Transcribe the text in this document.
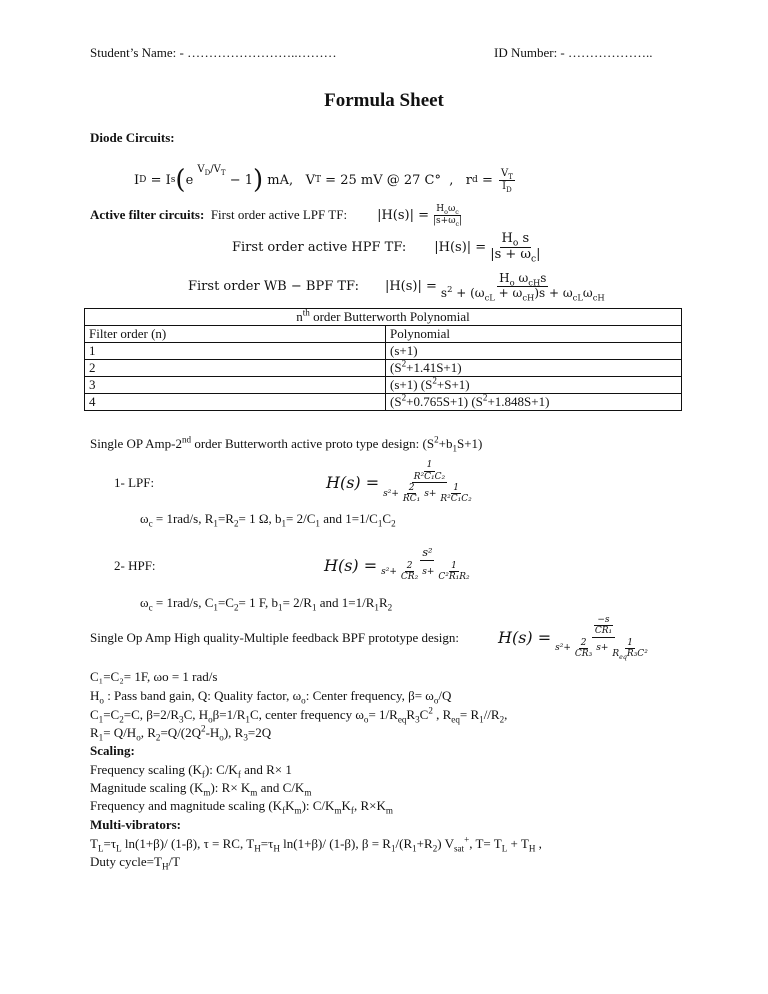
Student’s Name: - ……………………..………	ID Number: - ………………..
Formula Sheet
Diode Circuits:
I D = I s ( e $^{V_D/V_T}$
− 1 )
mA,
V T
= 25 mV @ 27 C°
,
r $d = \frac{V_T}{I_D}$
Active filter circuits:
First order active LPF TF: $|H(s)| = \frac{H_o\omega_c}{|s+\omega_c|}$
First order active HPF TF: $|H(s)| = \frac{H_o s}{|s + \omega_c|}$
First order WB − BPF TF: $|H(s)| = \frac{H_o \omega_{cH}s}{s^2 + (\omega_{cL} + \omega_{cH})s + \omega_{cL}\omega_{cH}}$
$n^{th}$ order Butterworth Polynomial	
Filter order (n)	Polynomial
1	(s+1)
2	$(S^2+1.41S+1)$
3	(s+1) $(S^2+S+1)$
4	$(S^2+0.765S+1)$ $(S^2+1.848S+1)$
Single OP Amp-2nd order Butterworth active proto type design: $(S^2+b_1S+1)$
1- LPF:	H(s) = 1
R²C₁C₂
$s^2+ \frac{2}{\text{RC₁}} s+ \frac{1}{\text{R²C₁C₂}}$
$\omega_c = 1rad/s$, $R_1=R_2= 1$ Ω, $b_1= 2/C_1$ and $1=1/C_1C_2$
2- HPF:	$H(s) = \frac{\text{s²}}{s^2+ \frac{2}{\text{CR₂}} s+ \frac{1}{\text{C²R₁R₂}}}$
$\omega_c = 1rad/s$, $C_1=C_2= 1$ F, $b_1= 2/R_1$ and $1=1/R_1R_2$
Single Op Amp High quality-Multiple feedback BPF prototype design: H(s) = −s
CR₁
$s^2+ \frac{2}{\text{CR₃}} s+ \frac{1}{R_{eq}R_3C^2}$
C₁=C₂= 1F, ωo = 1 rad/s
$H_o$ : Pass band gain, Q: Quality factor, $\omega_o$: Center frequency, $\beta= \omega_o/Q$
$C_1=C_2=C$, $\beta=2/R_3C$, $H_o\beta=1/R_1C$, center frequency $\omega_o= 1/R_{eq}R_3C^2$ , $R_{eq}= R_1//R_2$,
$R_1= Q/H_o$, $R_2=Q/(2Q^2-H_o)$, $R_3=2Q$
Scaling:
Frequency scaling $(K_f)$: $C/K_f$ and R× 1
Magnitude scaling $(K_m)$: $R\times K_m$ and $C/K_m$
Frequency and magnitude scaling $(K_fK_m)$: $C/K_mK_f$, $R\times K_m$
Multi-vibrators:
$T_L=\tau_L$ ln(1+β)/ (1-β), τ = RC, $T_H=\tau_H$ ln(1+β)/ (1-β), $\beta = R_1/(R_1+R_2)$ $V_{sat}^+$, $T= T_L + T_H$ ,
Duty $cycle=T_H/T$
